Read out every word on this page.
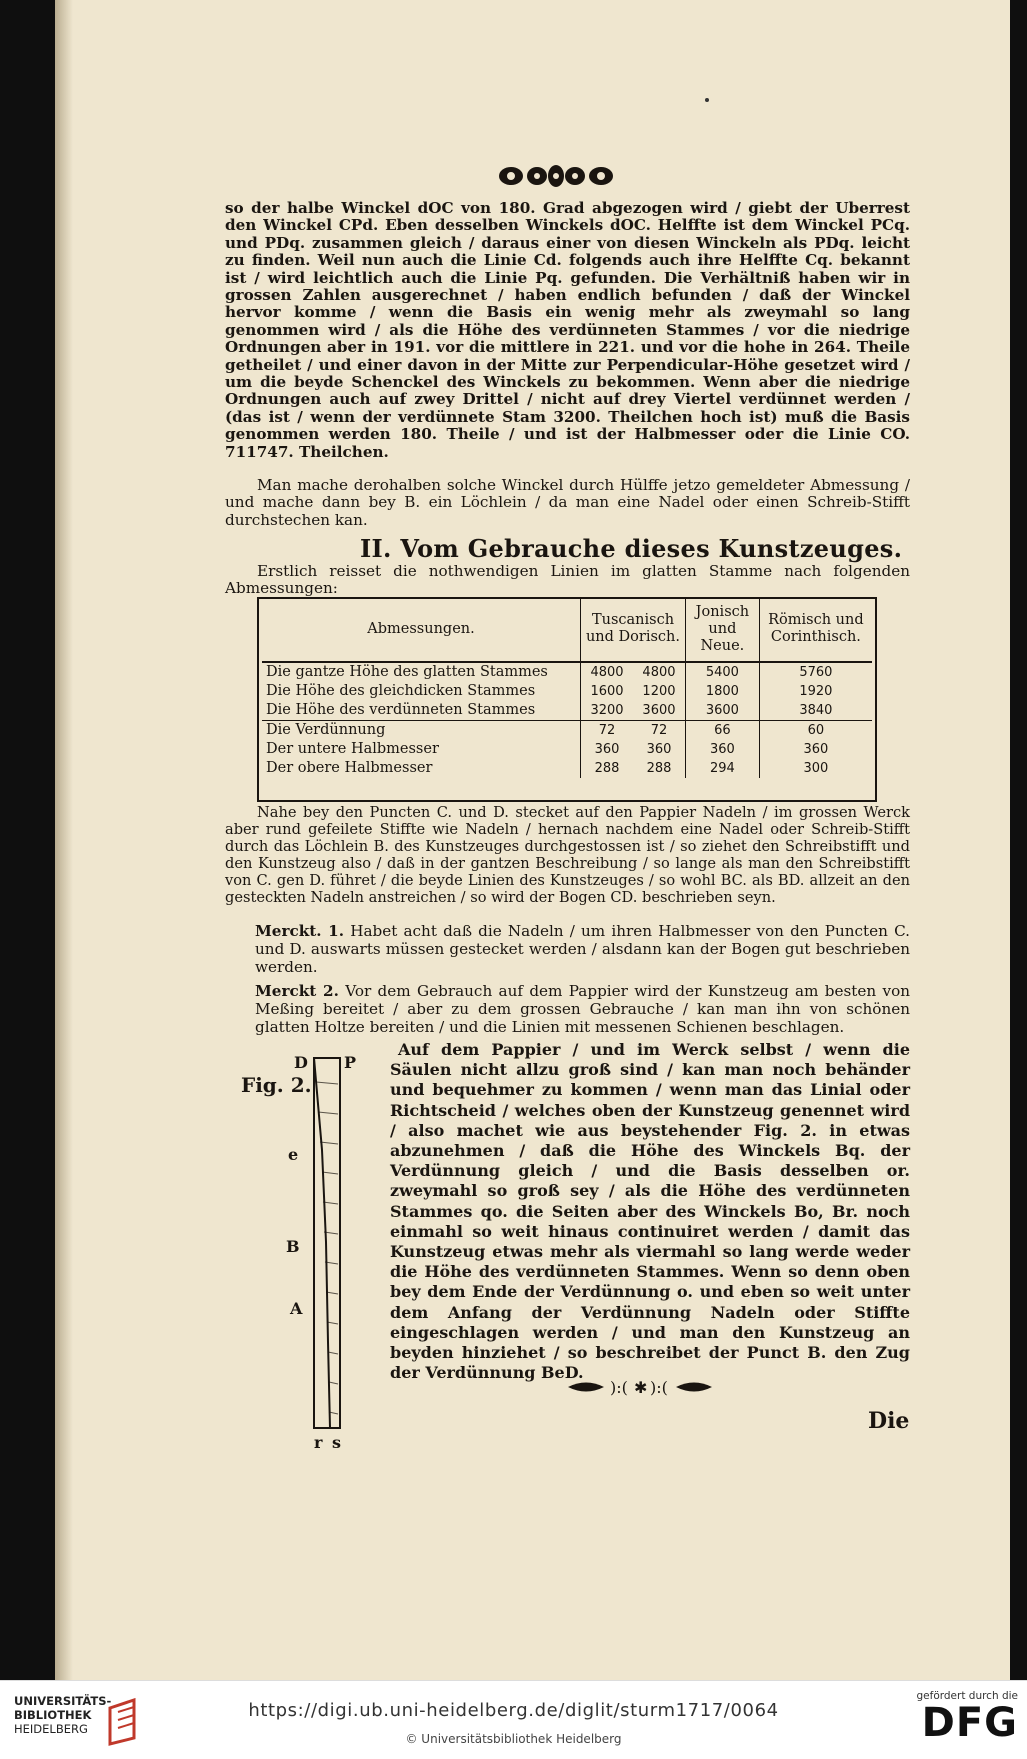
so der halbe Winckel dOC von 180. Grad abgezogen wird / giebt der Uberrest den Winckel CPd. Eben desselben Winckels dOC. Helffte ist dem Winckel PCq. und PDq. zusammen gleich / daraus einer von diesen Winckeln als PDq. leicht zu finden. Weil nun auch die Linie Cd. folgends auch ihre Helffte Cq. bekannt ist / wird leichtlich auch die Linie Pq. gefunden. Die Verhältniß haben wir in grossen Zahlen ausgerechnet / haben endlich befunden / daß der Winckel hervor komme / wenn die Basis ein wenig mehr als zweymahl so lang genommen wird / als die Höhe des verdünneten Stammes / vor die niedrige Ordnungen aber in 191. vor die mittlere in 221. und vor die hohe in 264. Theile getheilet / und einer davon in der Mitte zur Perpendicular-Höhe gesetzet wird / um die beyde Schenckel des Winckels zu bekommen. Wenn aber die niedrige Ordnungen auch auf zwey Drittel / nicht auf drey Viertel verdünnet werden / (das ist / wenn der verdünnete Stam 3200. Theilchen hoch ist) muß die Basis genommen werden 180. Theile / und ist der Halbmesser oder die Linie CO. 711747. Theilchen.

Man mache derohalben solche Winckel durch Hülffe jetzo gemeldeter Abmessung / und mache dann bey B. ein Löchlein / da man eine Nadel oder einen Schreib-Stifft durchstechen kan.

II. Vom Gebrauche dieses Kunstzeuges.

Erstlich reisset die nothwendigen Linien im glatten Stamme nach folgenden Abmessungen:

Abmessungen.	Tuscanisch und Dorisch.		Jonisch und Neue.	Römisch und Corinthisch.
Die gantze Höhe des glatten Stammes	4800	4800	5400	5760
Die Höhe des gleichdicken Stammes	1600	1200	1800	1920
Die Höhe des verdünneten Stammes	3200	3600	3600	3840
Die Verdünnung	72	72	66	60
Der untere Halbmesser	360	360	360	360
Der obere Halbmesser	288	288	294	300

Nahe bey den Puncten C. und D. stecket auf den Pappier Nadeln / im grossen Werck aber rund gefeilete Stiffte wie Nadeln / hernach nachdem eine Nadel oder Schreib-Stifft durch das Löchlein B. des Kunstzeuges durchgestossen ist / so ziehet den Schreibstifft und den Kunstzeug also / daß in der gantzen Beschreibung / so lange als man den Schreibstifft von C. gen D. führet / die beyde Linien des Kunstzeuges / so wohl BC. als BD. allzeit an den gesteckten Nadeln anstreichen / so wird der Bogen CD. beschrieben seyn.

Merckt. 1. Habet acht daß die Nadeln / um ihren Halbmesser von den Puncten C. und D. auswarts müssen gestecket werden / alsdann kan der Bogen gut beschrieben werden.
Merckt 2. Vor dem Gebrauch auf dem Pappier wird der Kunstzeug am besten von Meßing bereitet / aber zu dem grossen Gebrauche / kan man ihn von schönen glatten Holtze bereiten / und die Linien mit messenen Schienen beschlagen.
Fig. 2.
D P
e
B
A
r s

Auf dem Pappier / und im Werck selbst / wenn die Säulen nicht allzu groß sind / kan man noch behänder und bequehmer zu kommen / wenn man das Linial oder Richtscheid / welches oben der Kunstzeug genennet wird / also machet wie aus beystehender Fig. 2. in etwas abzunehmen / daß die Höhe des Winckels Bq. der Verdünnung gleich / und die Basis desselben or. zweymahl so groß sey / als die Höhe des verdünneten Stammes qo. die Seiten aber des Winckels Bo, Br. noch einmahl so weit hinaus continuiret werden / damit das Kunstzeug etwas mehr als viermahl so lang werde weder die Höhe des verdünneten Stammes. Wenn so denn oben bey dem Ende der Verdünnung o. und eben so weit unter dem Anfang der Verdünnung Nadeln oder Stiffte eingeschlagen werden / und man den Kunstzeug an beyden hinziehet / so beschreibet der Punct B. den Zug der Verdünnung BeD.

):( ✱ ):(
Die
UNIVERSITÄTS-
BIBLIOTHEK
HEIDELBERG
https://digi.ub.uni-heidelberg.de/diglit/sturm1717/0064
© Universitätsbibliothek Heidelberg
gefördert durch die
DFG
